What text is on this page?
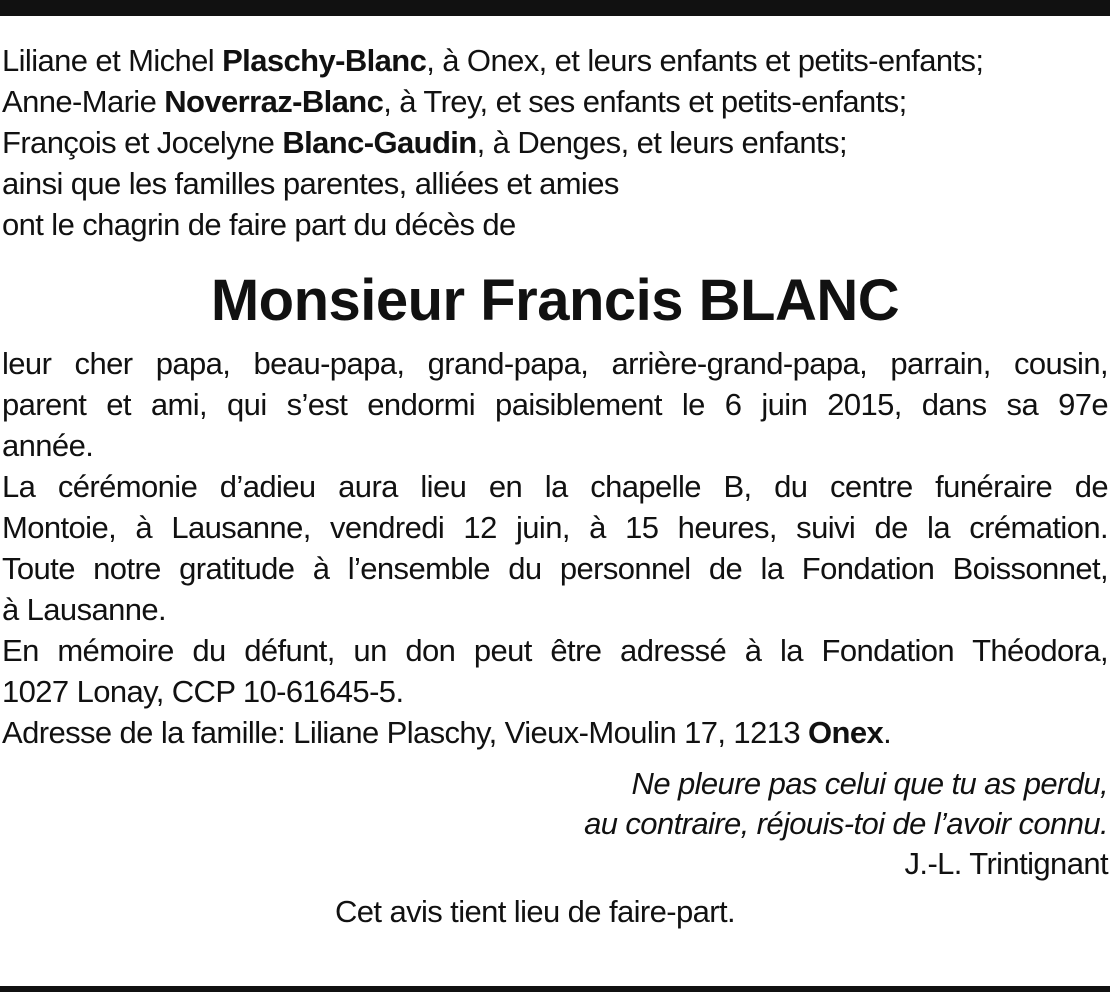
Liliane et Michel Plaschy-Blanc, à Onex, et leurs enfants et petits-enfants;
Anne-Marie Noverraz-Blanc, à Trey, et ses enfants et petits-enfants;
François et Jocelyne Blanc-Gaudin, à Denges, et leurs enfants;
ainsi que les familles parentes, alliées et amies
ont le chagrin de faire part du décès de
Monsieur Francis BLANC
leur cher papa, beau-papa, grand-papa, arrière-grand-papa, parrain, cousin,
parent et ami, qui s’est endormi paisiblement le 6 juin 2015, dans sa 97e
année.
La cérémonie d’adieu aura lieu en la chapelle B, du centre funéraire de
Montoie, à Lausanne, vendredi 12 juin, à 15 heures, suivi de la crémation.
Toute notre gratitude à l’ensemble du personnel de la Fondation Boissonnet,
à Lausanne.
En mémoire du défunt, un don peut être adressé à la Fondation Théodora,
1027 Lonay, CCP 10-61645-5.
Adresse de la famille: Liliane Plaschy, Vieux-Moulin 17, 1213 Onex.
Ne pleure pas celui que tu as perdu,
au contraire, réjouis-toi de l’avoir connu.
J.-L. Trintignant
Cet avis tient lieu de faire-part.
